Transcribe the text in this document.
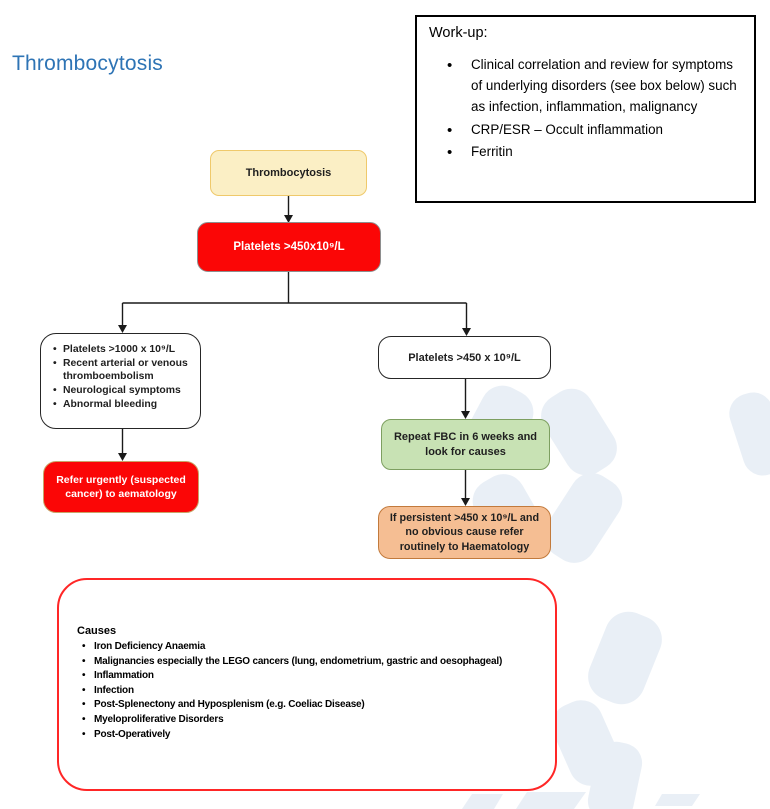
Thrombocytosis
Work-up:
• Clinical correlation and review for symptoms of underlying disorders (see box below) such as infection, inflammation, malignancy
• CRP/ESR – Occult inflammation
• Ferritin
Thrombocytosis
Platelets >450x10⁹/L
• Platelets >1000 x 10⁹/L
• Recent arterial or venous thromboembolism
• Neurological symptoms
• Abnormal bleeding
Refer urgently (suspected cancer) to aematology
Platelets >450 x 10⁹/L
Repeat FBC in 6 weeks and look for causes
If persistent >450 x 10⁹/L and no obvious cause refer routinely to Haematology
Causes
• Iron Deficiency Anaemia
• Malignancies especially the LEGO cancers (lung, endometrium, gastric and oesophageal)
• Inflammation
• Infection
• Post-Splenectony and Hyposplenism (e.g. Coeliac Disease)
• Myeloproliferative Disorders
• Post-Operatively
